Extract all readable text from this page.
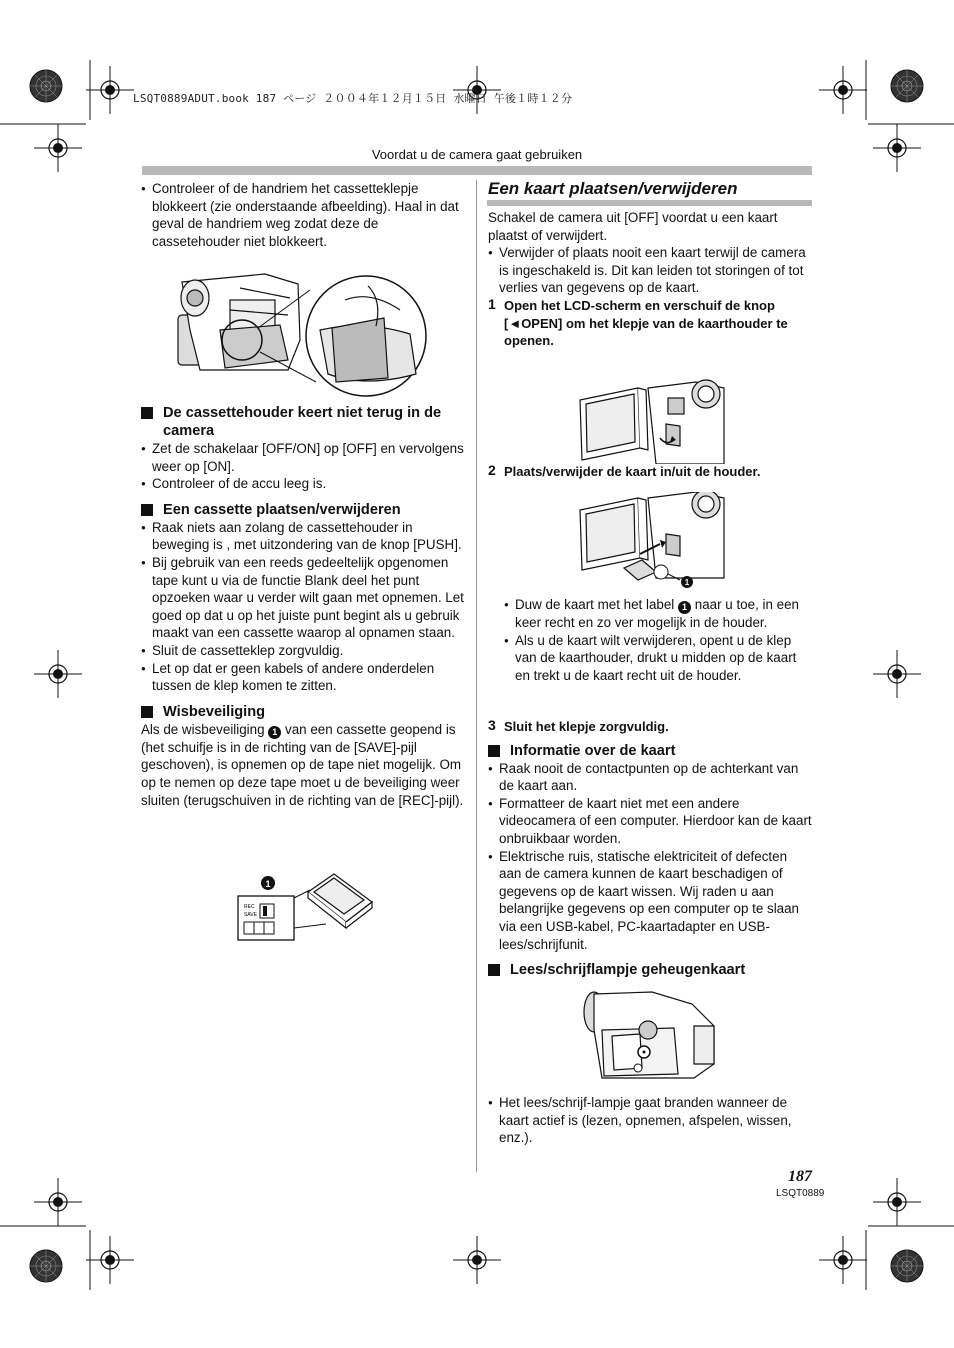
LSQT0889ADUT.book 187 ページ ２００４年１２月１５日 水曜日 午後１時１２分
Voordat u de camera gaat gebruiken

● Controleer of de handriem het cassetteklepje blokkeert (zie onderstaande afbeelding). Haal in dat geval de handriem weg zodat deze de cassetehouder niet blokkeert.

De cassettehouder keert niet terug in de camera

● Zet de schakelaar [OFF/ON] op [OFF] en vervolgens weer op [ON].

● Controleer of de accu leeg is.

Een cassette plaatsen/verwijderen

● Raak niets aan zolang de cassettehouder in beweging is , met uitzondering van de knop [PUSH].

● Bij gebruik van een reeds gedeeltelijk opgenomen tape kunt u via de functie Blank deel het punt opzoeken waar u verder wilt gaan met opnemen. Let goed op dat u op het juiste punt begint als u gebruik maakt van een cassette waarop al opnamen staan.

● Sluit de cassetteklep zorgvuldig.

● Let op dat er geen kabels of andere onderdelen tussen de klep komen te zitten.

Wisbeveiliging

Als de wisbeveiliging 1 van een cassette geopend is (het schuifje is in de richting van de [SAVE]-pijl geschoven), is opnemen op de tape niet mogelijk. Om op te nemen op deze tape moet u de beveiliging weer sluiten (terugschuiven in de richting van de [REC]-pijl).

1
REC
SAVE
Een kaart plaatsen/verwijderen

Schakel de camera uit [OFF] voordat u een kaart plaatst of verwijdert.

● Verwijder of plaats nooit een kaart terwijl de camera is ingeschakeld is. Dit kan leiden tot storingen of tot verlies van gegevens op de kaart.

1 Open het LCD-scherm en verschuif de knop [◄OPEN] om het klepje van de kaarthouder te openen.
2 Plaats/verwijder de kaart in/uit de houder.
1

● Duw de kaart met het label 1 naar u toe, in een keer recht en zo ver mogelijk in de houder.

● Als u de kaart wilt verwijderen, opent u de klep van de kaarthouder, drukt u midden op de kaart en trekt u de kaart recht uit de houder.

3 Sluit het klepje zorgvuldig.
Informatie over de kaart

● Raak nooit de contactpunten op de achterkant van de kaart aan.

● Formatteer de kaart niet met een andere videocamera of een computer. Hierdoor kan de kaart onbruikbaar worden.

● Elektrische ruis, statische elektriciteit of defecten aan de camera kunnen de kaart beschadigen of gegevens op de kaart wissen. Wij raden u aan belangrijke gegevens op een computer op te slaan via een USB-kabel, PC-kaartadapter en USB-lees/schrijfunit.

Lees/schrijflampje geheugenkaart

● Het lees/schrijf-lampje gaat branden wanneer de kaart actief is (lezen, opnemen, afspelen, wissen, enz.).

187
LSQT0889
